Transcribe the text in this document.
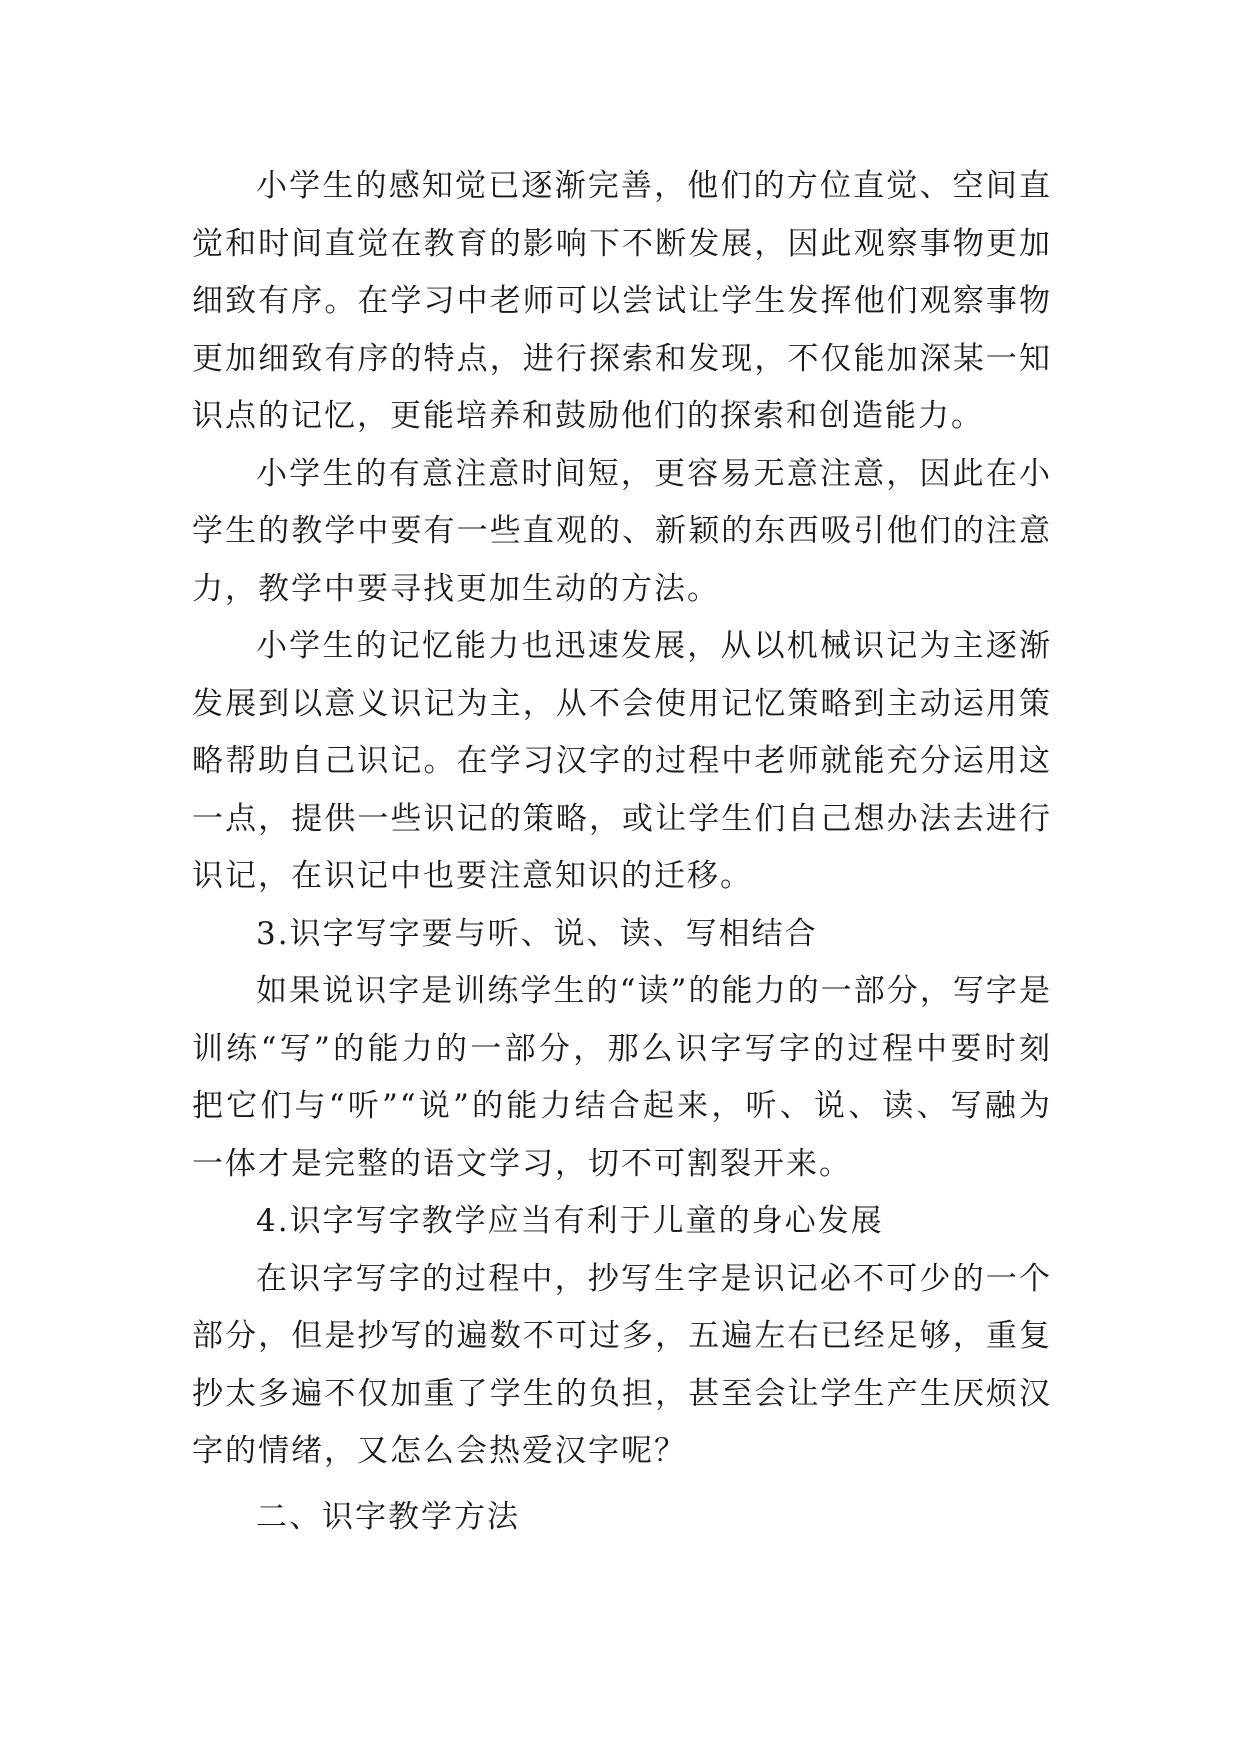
小学生的感知觉已逐渐完善，他们的方位直觉、空间直觉和时间直觉在教育的影响下不断发展，因此观察事物更加细致有序。在学习中老师可以尝试让学生发挥他们观察事物更加细致有序的特点，进行探索和发现，不仅能加深某一知识点的记忆，更能培养和鼓励他们的探索和创造能力。

小学生的有意注意时间短，更容易无意注意，因此在小学生的教学中要有一些直观的、新颖的东西吸引他们的注意力，教学中要寻找更加生动的方法。

小学生的记忆能力也迅速发展，从以机械识记为主逐渐发展到以意义识记为主，从不会使用记忆策略到主动运用策略帮助自己识记。在学习汉字的过程中老师就能充分运用这一点，提供一些识记的策略，或让学生们自己想办法去进行识记，在识记中也要注意知识的迁移。

3.识字写字要与听、说、读、写相结合

如果说识字是训练学生的“读”的能力的一部分，写字是训练“写”的能力的一部分，那么识字写字的过程中要时刻把它们与“听”“说”的能力结合起来，听、说、读、写融为一体才是完整的语文学习，切不可割裂开来。

4.识字写字教学应当有利于儿童的身心发展

在识字写字的过程中，抄写生字是识记必不可少的一个部分，但是抄写的遍数不可过多，五遍左右已经足够，重复抄太多遍不仅加重了学生的负担，甚至会让学生产生厌烦汉字的情绪，又怎么会热爱汉字呢？

二、识字教学方法
